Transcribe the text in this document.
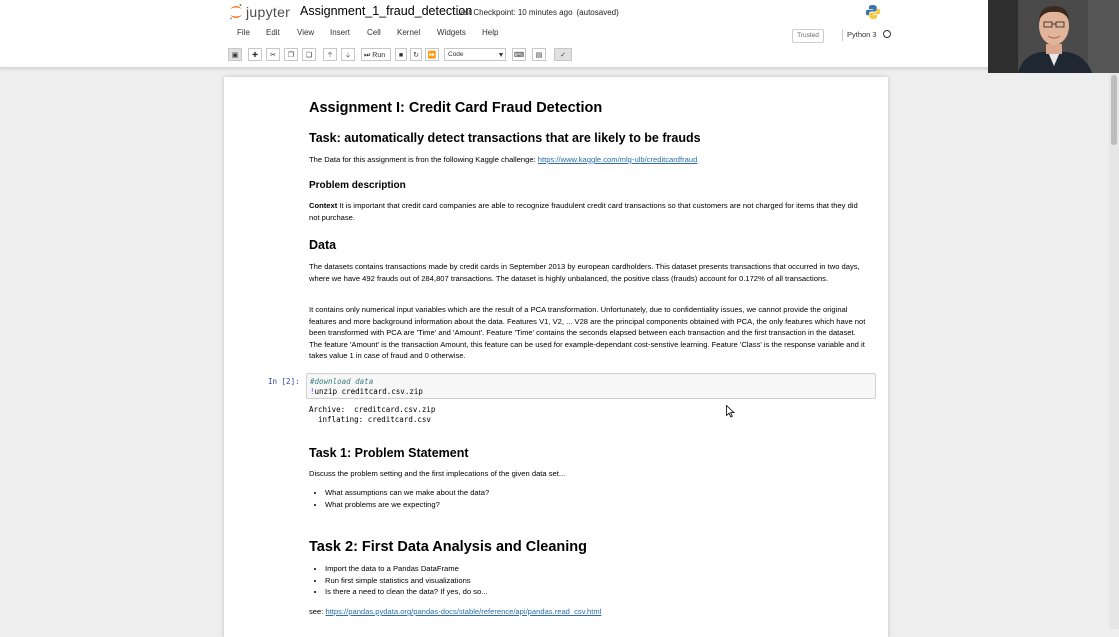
jupyter Assignment_1_fraud_detection
Last Checkpoint: 10 minutes ago (autosaved)
File Edit View Insert Cell Kernel Widgets Help	Trusted	Python 3
▣	✚	✂	❐	❏	🡡	🡣	⏭ Run	■	↻	⏩	Code	⌨	▤	✓
Assignment I: Credit Card Fraud Detection
Task: automatically detect transactions that are likely to be frauds

The Data for this assignment is fron the following Kaggle challenge: https://www.kaggle.com/mlg-ulb/creditcardfraud

Problem description

Context It is important that credit card companies are able to recognize fraudulent credit card transactions so that customers are not charged for items that they did not purchase.

Data

The datasets contains transactions made by credit cards in September 2013 by european cardholders. This dataset presents transactions that occurred in two days, where we have 492 frauds out of 284,807 transactions. The dataset is highly unbalanced, the positive class (frauds) account for 0.172% of all transactions.

It contains only numerical input variables which are the result of a PCA transformation. Unfortunately, due to confidentiality issues, we cannot provide the original features and more background information about the data. Features V1, V2, ... V28 are the principal components obtained with PCA, the only features which have not been transformed with PCA are 'Time' and 'Amount'. Feature 'Time' contains the seconds elapsed between each transaction and the first transaction in the dataset. The feature 'Amount' is the transaction Amount, this feature can be used for example-dependant cost-senstive learning. Feature 'Class' is the response variable and it takes value 1 in case of fraud and 0 otherwise.

In [2]: #download data
!unzip creditcard.csv.zip
Archive:  creditcard.csv.zip
inflating: creditcard.csv
Task 1: Problem Statement

Discuss the problem setting and the first implecations of the given data set...

• What assumptions can we make about the data?
• What problems are we expecting?
Task 2: First Data Analysis and Cleaning
• Import the data to a Pandas DataFrame
• Run first simple statistics and visualizations
• Is there a need to clean the data? If yes, do so...

see: https://pandas.pydata.org/pandas-docs/stable/reference/api/pandas.read_csv.html
